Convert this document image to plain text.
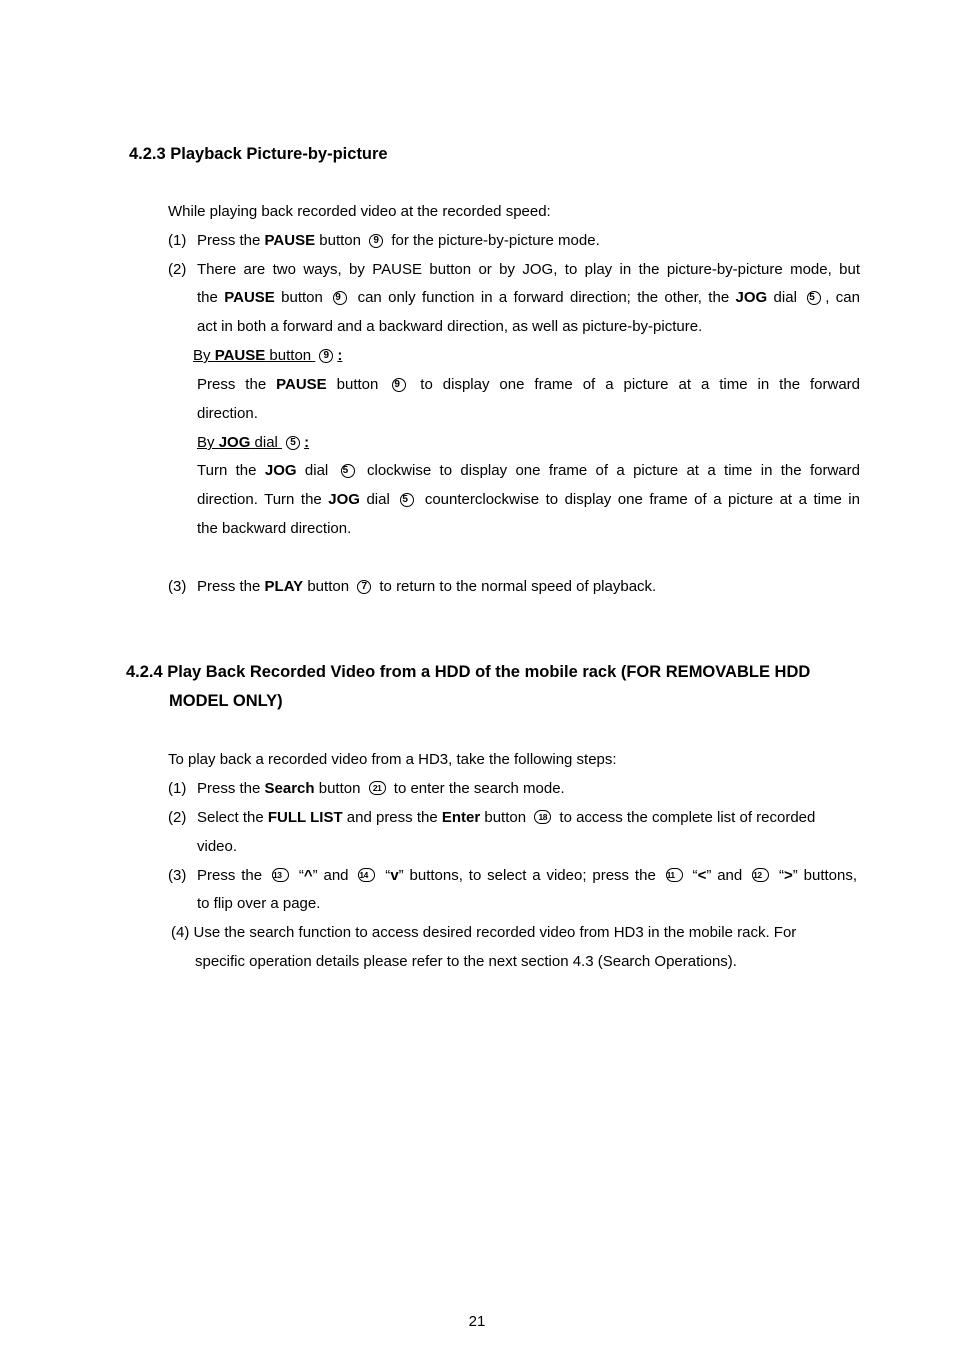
4.2.3 Playback Picture-by-picture
While playing back recorded video at the recorded speed:
(1) Press the PAUSE button 9 for the picture-by-picture mode.
(2) There are two ways, by PAUSE button or by JOG, to play in the picture-by-picture mode, but
the PAUSE button 9 can only function in a forward direction; the other, the JOG dial 5 , can
act in both a forward and a backward direction, as well as picture-by-picture.
By PAUSE button 9 :
Press the PAUSE button 9 to display one frame of a picture at a time in the forward
direction.
By JOG dial 5 :
Turn the JOG dial 5 clockwise to display one frame of a picture at a time in the forward
direction. Turn the JOG dial 5 counterclockwise to display one frame of a picture at a time in
the backward direction.
(3) Press the PLAY button 7 to return to the normal speed of playback.
4.2.4 Play Back Recorded Video from a HDD of the mobile rack (FOR REMOVABLE HDD
MODEL ONLY)
To play back a recorded video from a HD3, take the following steps:
(1) Press the Search button 21 to enter the search mode.
(2) Select the FULL LIST and press the Enter button 18 to access the complete list of recorded
video.
(3) Press the 13 “^” and 14 “v” buttons, to select a video; press the 11 “<” and 12 “>” buttons,
to flip over a page.
(4) Use the search function to access desired recorded video from HD3 in the mobile rack. For
specific operation details please refer to the next section 4.3 (Search Operations).
21
